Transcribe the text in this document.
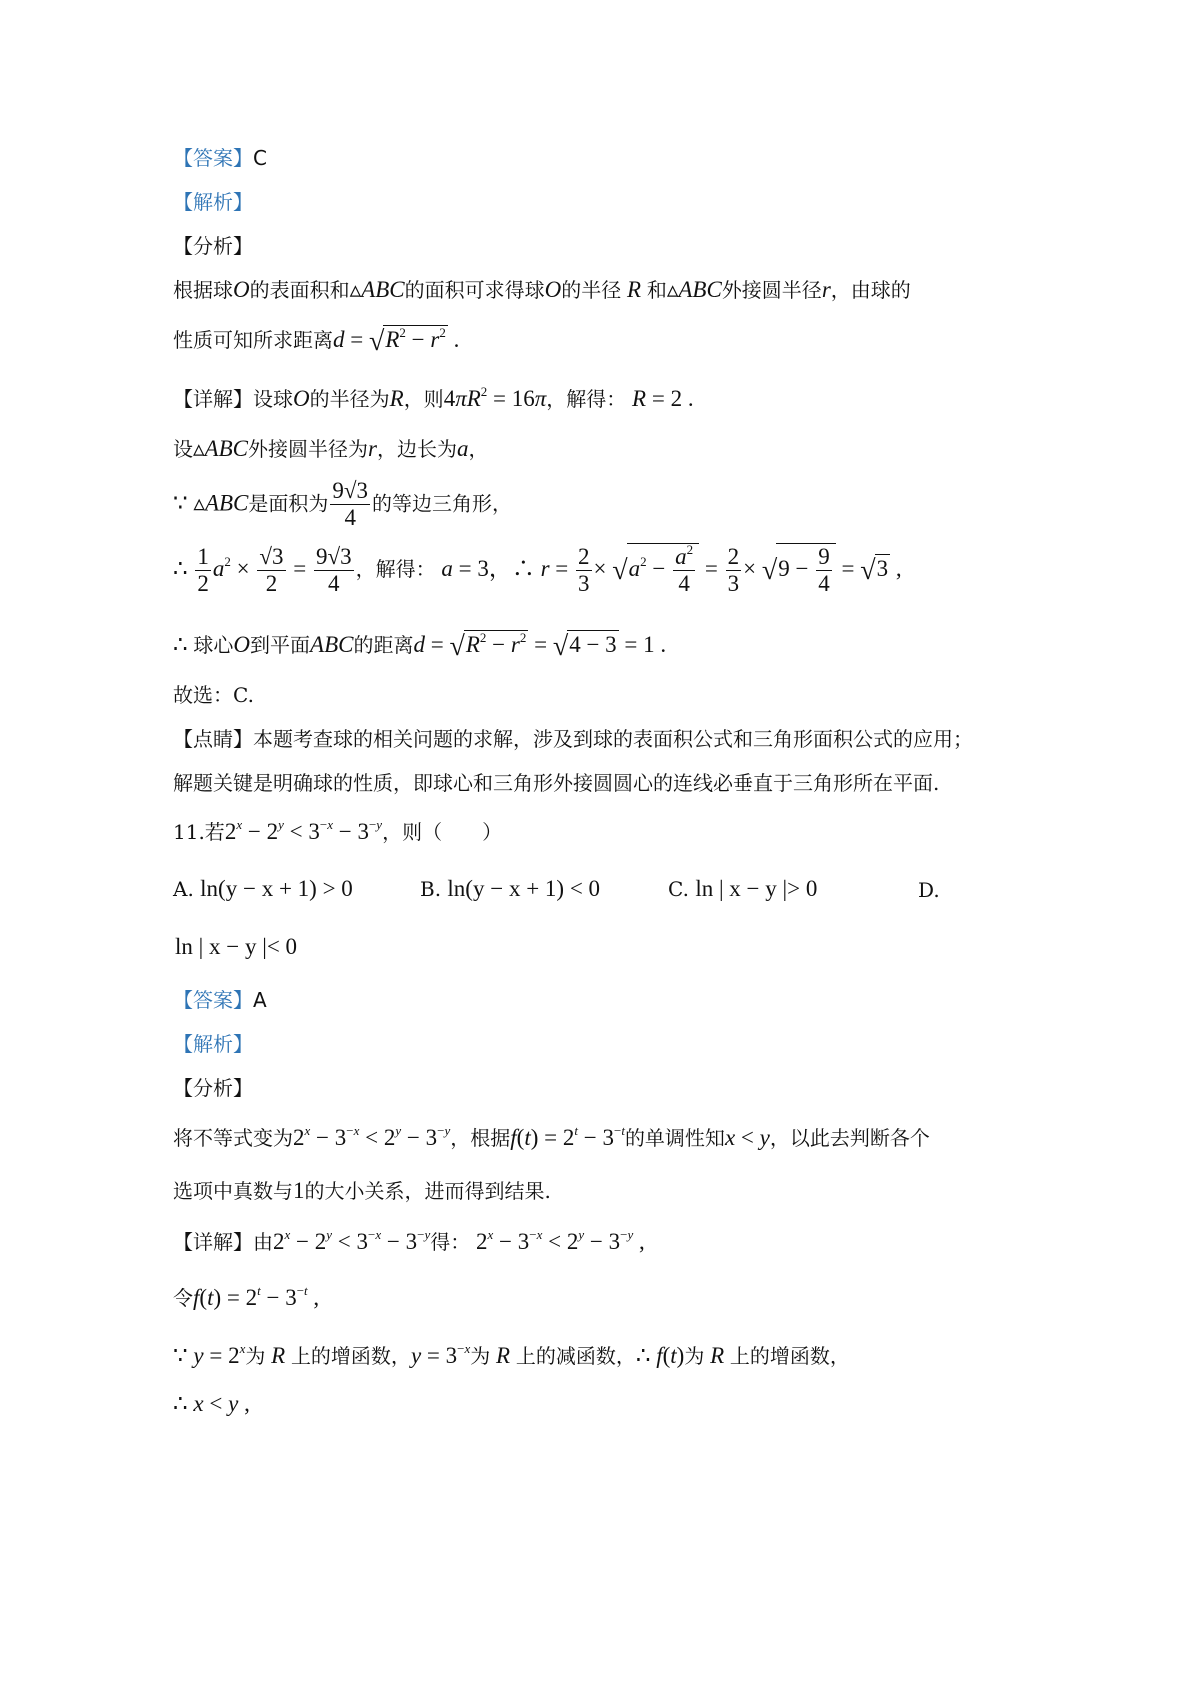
【答案】C
【解析】
【分析】
根据球O的表面积和▵ABC的面积可求得球O的半径 R 和▵ABC外接圆半径r，由球的
性质可知所求距离$d = √R^2 - r^2$ .
【详解】设球O的半径为R，则$4\pi R^2 = 16\pi$，解得： R = 2 .
设▵ABC外接圆半径为r，边长为a，
∵ ▵ABC是面积为 $\frac{9√3}{4}$ 的等边三角形，
∴ $\frac{1}{2} a^2 \times \frac{√3}{2} = \frac{9√3}{4}$ ，解得： a = 3，∴ $r = \frac{2}{3} \times √a^2 - \frac{a^2}{4} = \frac{2}{3} \times √9 - \frac{9}{4} = √3$ ,
∴ 球心O到平面ABC的距离$d = √R^2 - r^2 = √4 - 3 = 1$ .
故选：C.
【点睛】本题考查球的相关问题的求解，涉及到球的表面积公式和三角形面积公式的应用；
解题关键是明确球的性质，即球心和三角形外接圆圆心的连线必垂直于三角形所在平面.
11.若$2^x - 2^y < 3^{-x} - 3^{-y}$，则（　　）
A. ln(y − x + 1) > 0	B. ln(y − x + 1) < 0	C. ln | x − y |> 0	D.
ln | x − y |< 0
【答案】A
【解析】
【分析】
将不等式变为$2^x - 3^{-x} < 2^y - 3^{-y}$，根据$f(t) = 2^t - 3^{-t}$的单调性知x < y，以此去判断各个
选项中真数与1的大小关系，进而得到结果.
【详解】由$2^x - 2^y < 3^{-x} - 3^{-y}$得： $2^x - 3^{-x} < 2^y - 3^{-y}$ ,
令$f(t) = 2^t - 3^{-t}$ ,
∵ $y = 2^x$为 R 上的增函数，$y = 3^{-x}$为 R 上的减函数，∴ f(t)为 R 上的增函数，
∴ x < y ,
